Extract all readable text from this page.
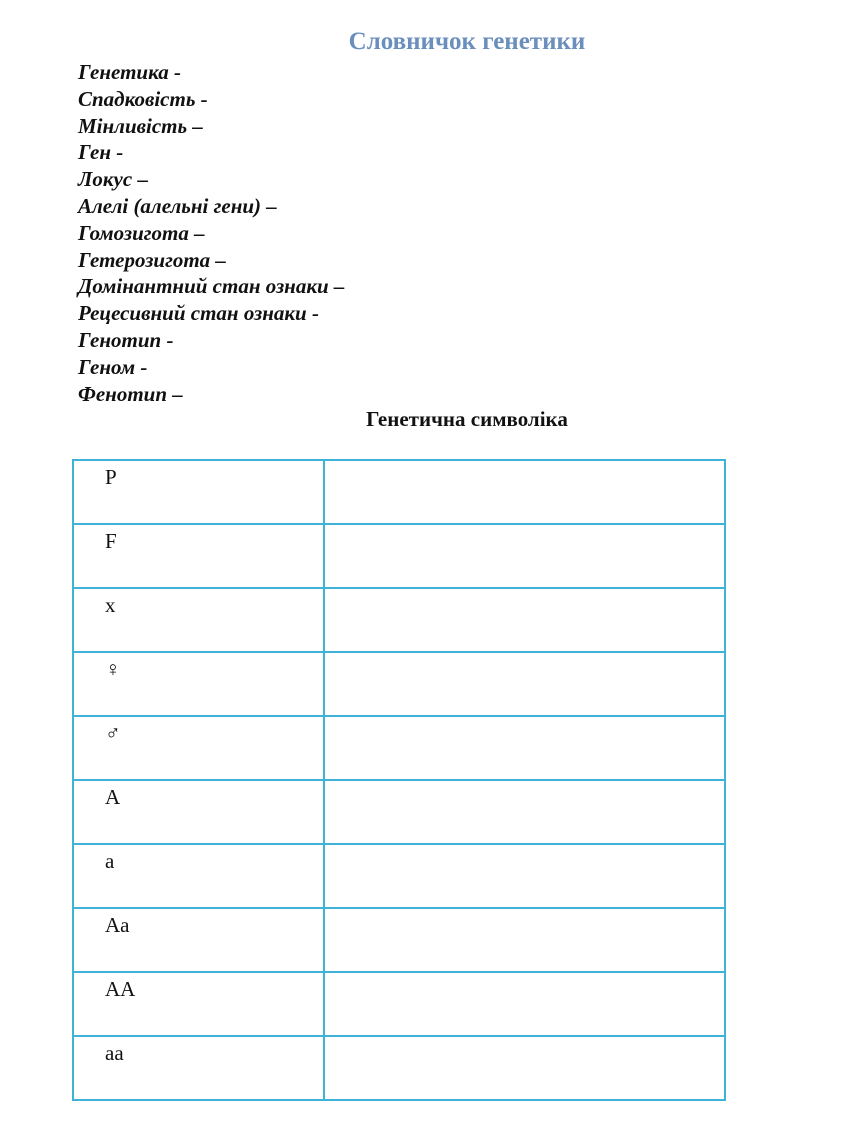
Словничок генетики
Генетика -
Спадковість -
Мінливість –
Ген -
Локус –
Алелі (алельні гени) –
Гомозигота –
Гетерозигота –
Домінантний стан ознаки –
Рецесивний стан ознаки -
Генотип -
Геном -
Фенотип –
Генетична символіка
P	

F	

x	

♀	

♂	

A	

a	

Aa	

AA	

aa	
